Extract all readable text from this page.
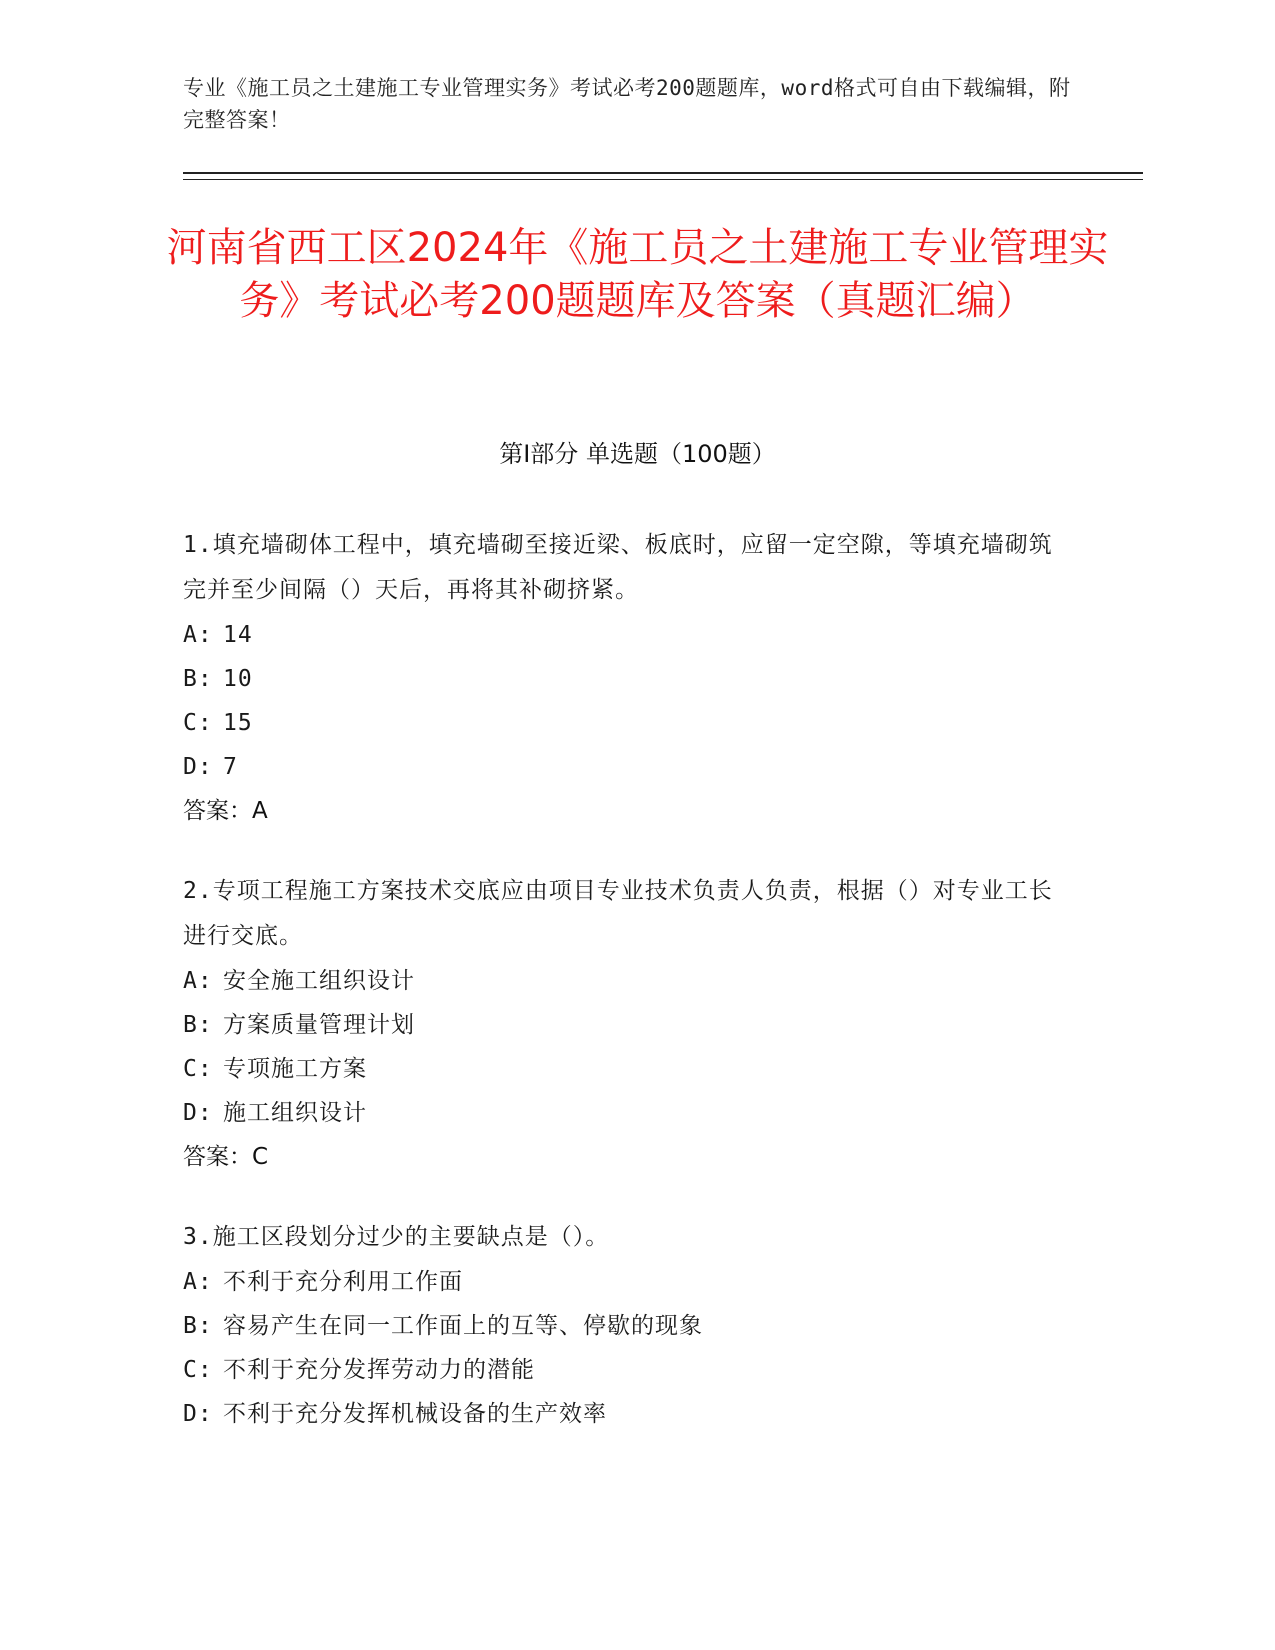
专业《施工员之土建施工专业管理实务》考试必考200题题库，word格式可自由下载编辑，附完整答案！
河南省西工区2024年《施工员之土建施工专业管理实务》考试必考200题题库及答案（真题汇编）
第Ⅰ部分 单选题（100题）

1.填充墙砌体工程中，填充墙砌至接近梁、板底时，应留一定空隙，等填充墙砌筑完并至少间隔（）天后，再将其补砌挤紧。

A: 14

B: 10

C: 15

D: 7

答案：A

2.专项工程施工方案技术交底应由项目专业技术负责人负责，根据（）对专业工长进行交底。

A: 安全施工组织设计

B: 方案质量管理计划

C: 专项施工方案

D: 施工组织设计

答案：C

3.施工区段划分过少的主要缺点是（）。

A: 不利于充分利用工作面

B: 容易产生在同一工作面上的互等、停歇的现象

C: 不利于充分发挥劳动力的潜能

D: 不利于充分发挥机械设备的生产效率
